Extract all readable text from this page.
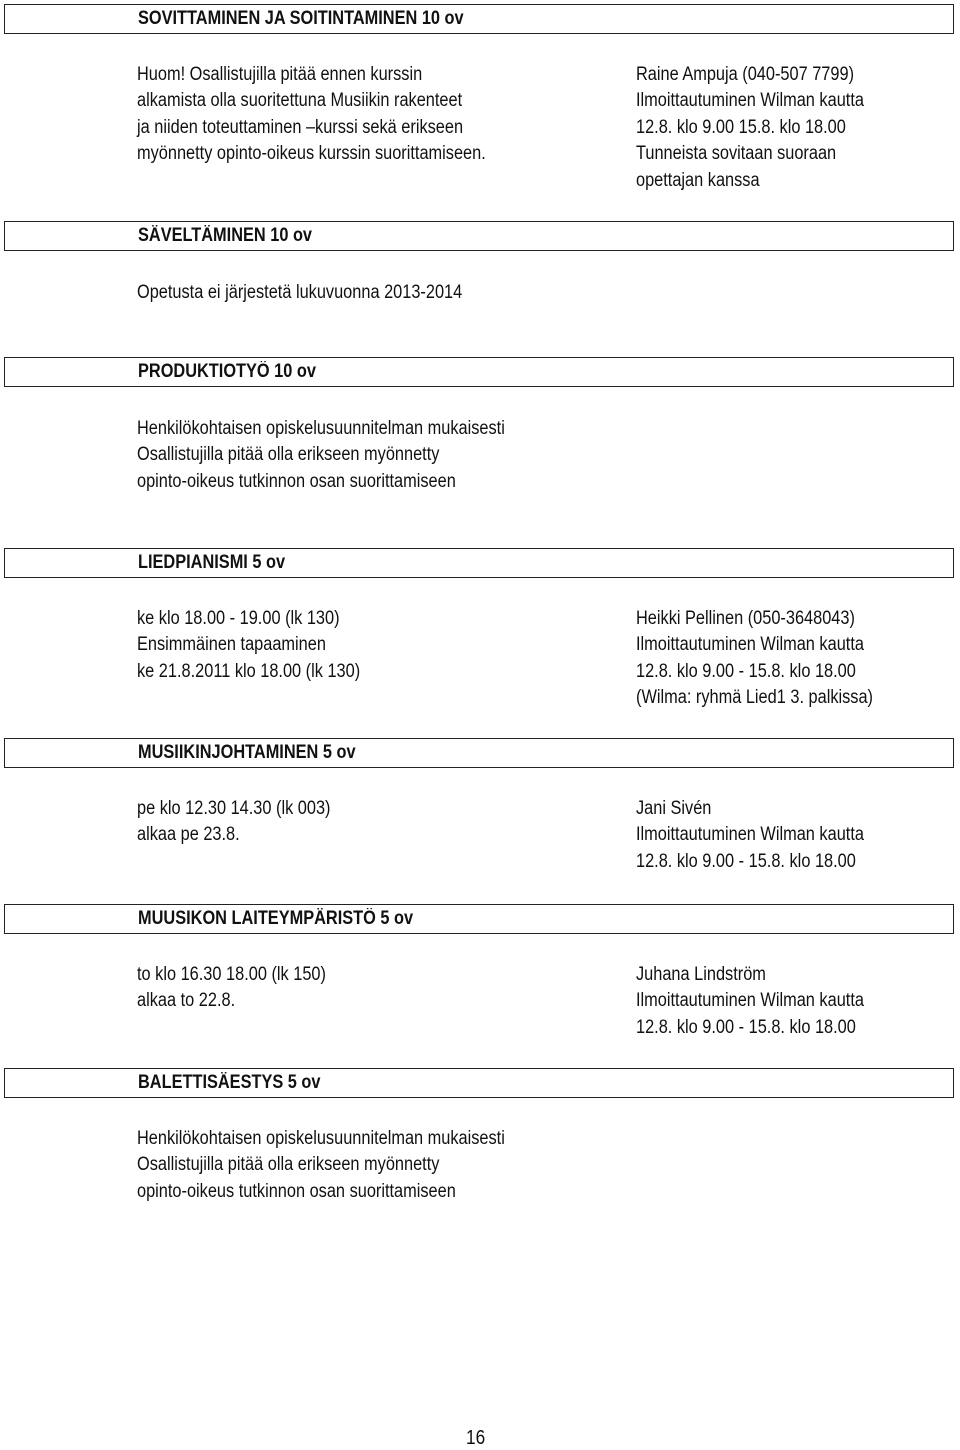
SOVITTAMINEN JA SOITINTAMINEN 10 ov
Huom! Osallistujilla pitää ennen kurssin
alkamista olla suoritettuna Musiikin rakenteet
ja niiden toteuttaminen –kurssi sekä erikseen
myönnetty opinto-oikeus kurssin suorittamiseen.
Raine Ampuja (040-507 7799)
Ilmoittautuminen Wilman kautta
12.8. klo 9.00 15.8. klo 18.00
Tunneista sovitaan suoraan
opettajan kanssa
SÄVELTÄMINEN 10 ov
Opetusta ei järjestetä lukuvuonna 2013-2014
PRODUKTIOTYÖ 10 ov
Henkilökohtaisen opiskelusuunnitelman mukaisesti
Osallistujilla pitää olla erikseen myönnetty
opinto-oikeus tutkinnon osan suorittamiseen
LIEDPIANISMI 5 ov
ke klo 18.00 - 19.00 (lk 130)
Ensimmäinen tapaaminen
ke 21.8.2011 klo 18.00 (lk 130)
Heikki Pellinen (050-3648043)
Ilmoittautuminen Wilman kautta
12.8. klo 9.00 - 15.8. klo 18.00
(Wilma: ryhmä Lied1 3. palkissa)
MUSIIKINJOHTAMINEN 5 ov
pe klo 12.30 14.30 (lk 003)
alkaa pe 23.8.
Jani Sivén
Ilmoittautuminen Wilman kautta
12.8. klo 9.00 - 15.8. klo 18.00
MUUSIKON LAITEYMPÄRISTÖ 5 ov
to klo 16.30 18.00 (lk 150)
alkaa to 22.8.
Juhana Lindström
Ilmoittautuminen Wilman kautta
12.8. klo 9.00 - 15.8. klo 18.00
BALETTISÄESTYS 5 ov
Henkilökohtaisen opiskelusuunnitelman mukaisesti
Osallistujilla pitää olla erikseen myönnetty
opinto-oikeus tutkinnon osan suorittamiseen
16
